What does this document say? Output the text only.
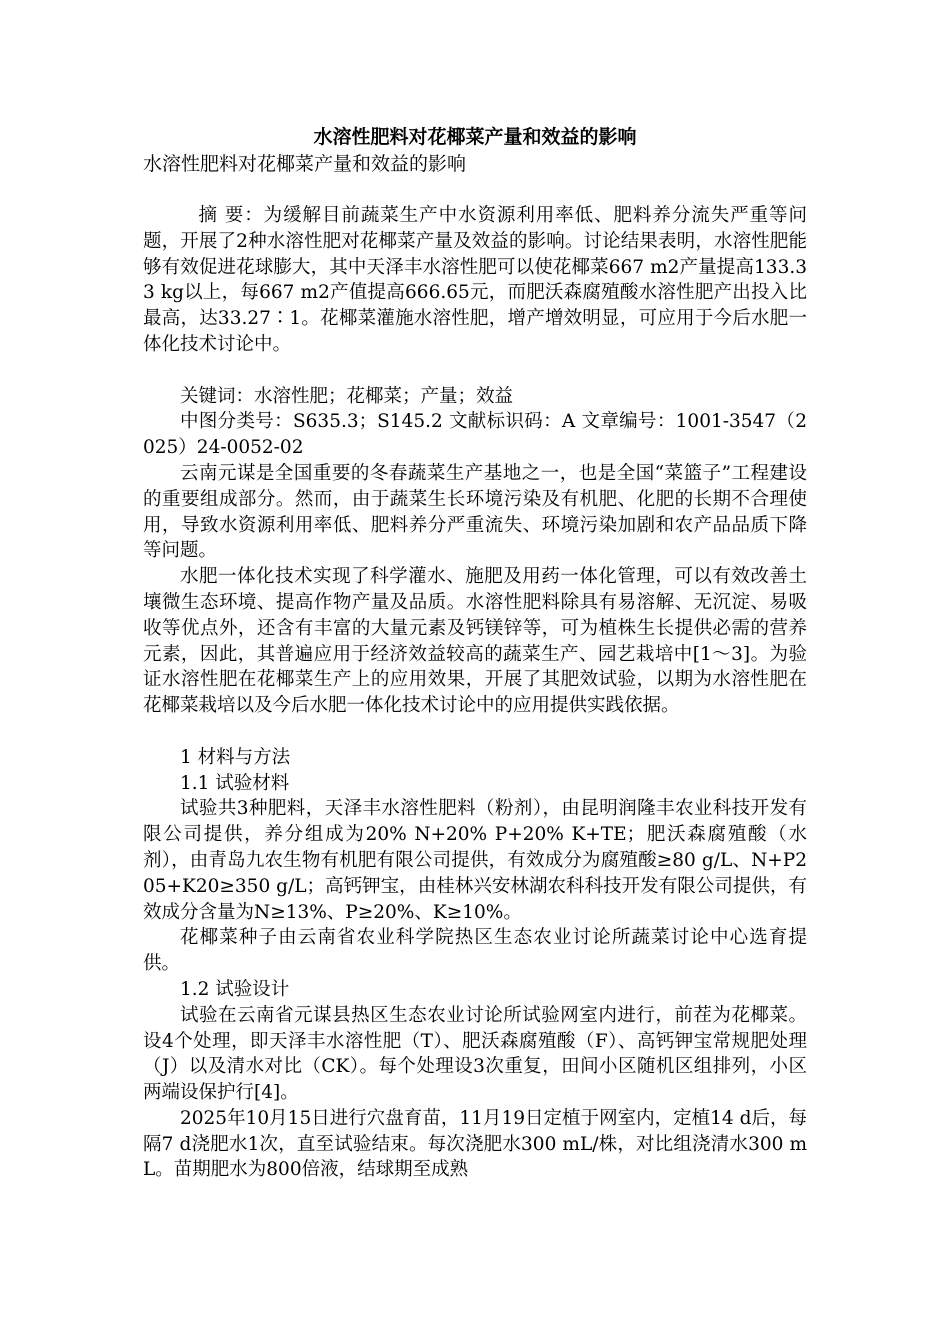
水溶性肥料对花椰菜产量和效益的影响
水溶性肥料对花椰菜产量和效益的影响

摘 要：为缓解目前蔬菜生产中水资源利用率低、肥料养分流失严重等问题，开展了2种水溶性肥对花椰菜产量及效益的影响。讨论结果表明，水溶性肥能够有效促进花球膨大，其中天泽丰水溶性肥可以使花椰菜667 m2产量提高133.33 kg以上，每667 m2产值提高666.65元，而肥沃森腐殖酸水溶性肥产出投入比最高，达33.27∶1。花椰菜灌施水溶性肥，增产增效明显，可应用于今后水肥一体化技术讨论中。

关键词：水溶性肥；花椰菜；产量；效益

中图分类号：S635.3；S145.2 文献标识码：A 文章编号：1001-3547（2025）24-0052-02

云南元谋是全国重要的冬春蔬菜生产基地之一，也是全国“菜篮子”工程建设的重要组成部分。然而，由于蔬菜生长环境污染及有机肥、化肥的长期不合理使用，导致水资源利用率低、肥料养分严重流失、环境污染加剧和农产品品质下降等问题。

水肥一体化技术实现了科学灌水、施肥及用药一体化管理，可以有效改善土壤微生态环境、提高作物产量及品质。水溶性肥料除具有易溶解、无沉淀、易吸收等优点外，还含有丰富的大量元素及钙镁锌等，可为植株生长提供必需的营养元素，因此，其普遍应用于经济效益较高的蔬菜生产、园艺栽培中[1～3]。为验证水溶性肥在花椰菜生产上的应用效果，开展了其肥效试验，以期为水溶性肥在花椰菜栽培以及今后水肥一体化技术讨论中的应用提供实践依据。

1 材料与方法

1.1 试验材料

试验共3种肥料，天泽丰水溶性肥料（粉剂），由昆明润隆丰农业科技开发有限公司提供，养分组成为20% N+20% P+20% K+TE；肥沃森腐殖酸（水剂），由青岛九农生物有机肥有限公司提供，有效成分为腐殖酸≥80 g/L、N+P205+K20≥350 g/L；高钙钾宝，由桂林兴安林湖农科科技开发有限公司提供，有效成分含量为N≥13%、P≥20%、K≥10%。

花椰菜种子由云南省农业科学院热区生态农业讨论所蔬菜讨论中心选育提供。

1.2 试验设计

试验在云南省元谋县热区生态农业讨论所试验网室内进行，前茬为花椰菜。设4个处理，即天泽丰水溶性肥（T）、肥沃森腐殖酸（F）、高钙钾宝常规肥处理（J）以及清水对比（CK）。每个处理设3次重复，田间小区随机区组排列，小区两端设保护行[4]。

2025年10月15日进行穴盘育苗，11月19日定植于网室内，定植14 d后，每隔7 d浇肥水1次，直至试验结束。每次浇肥水300 mL/株，对比组浇清水300 mL。苗期肥水为800倍液，结球期至成熟
